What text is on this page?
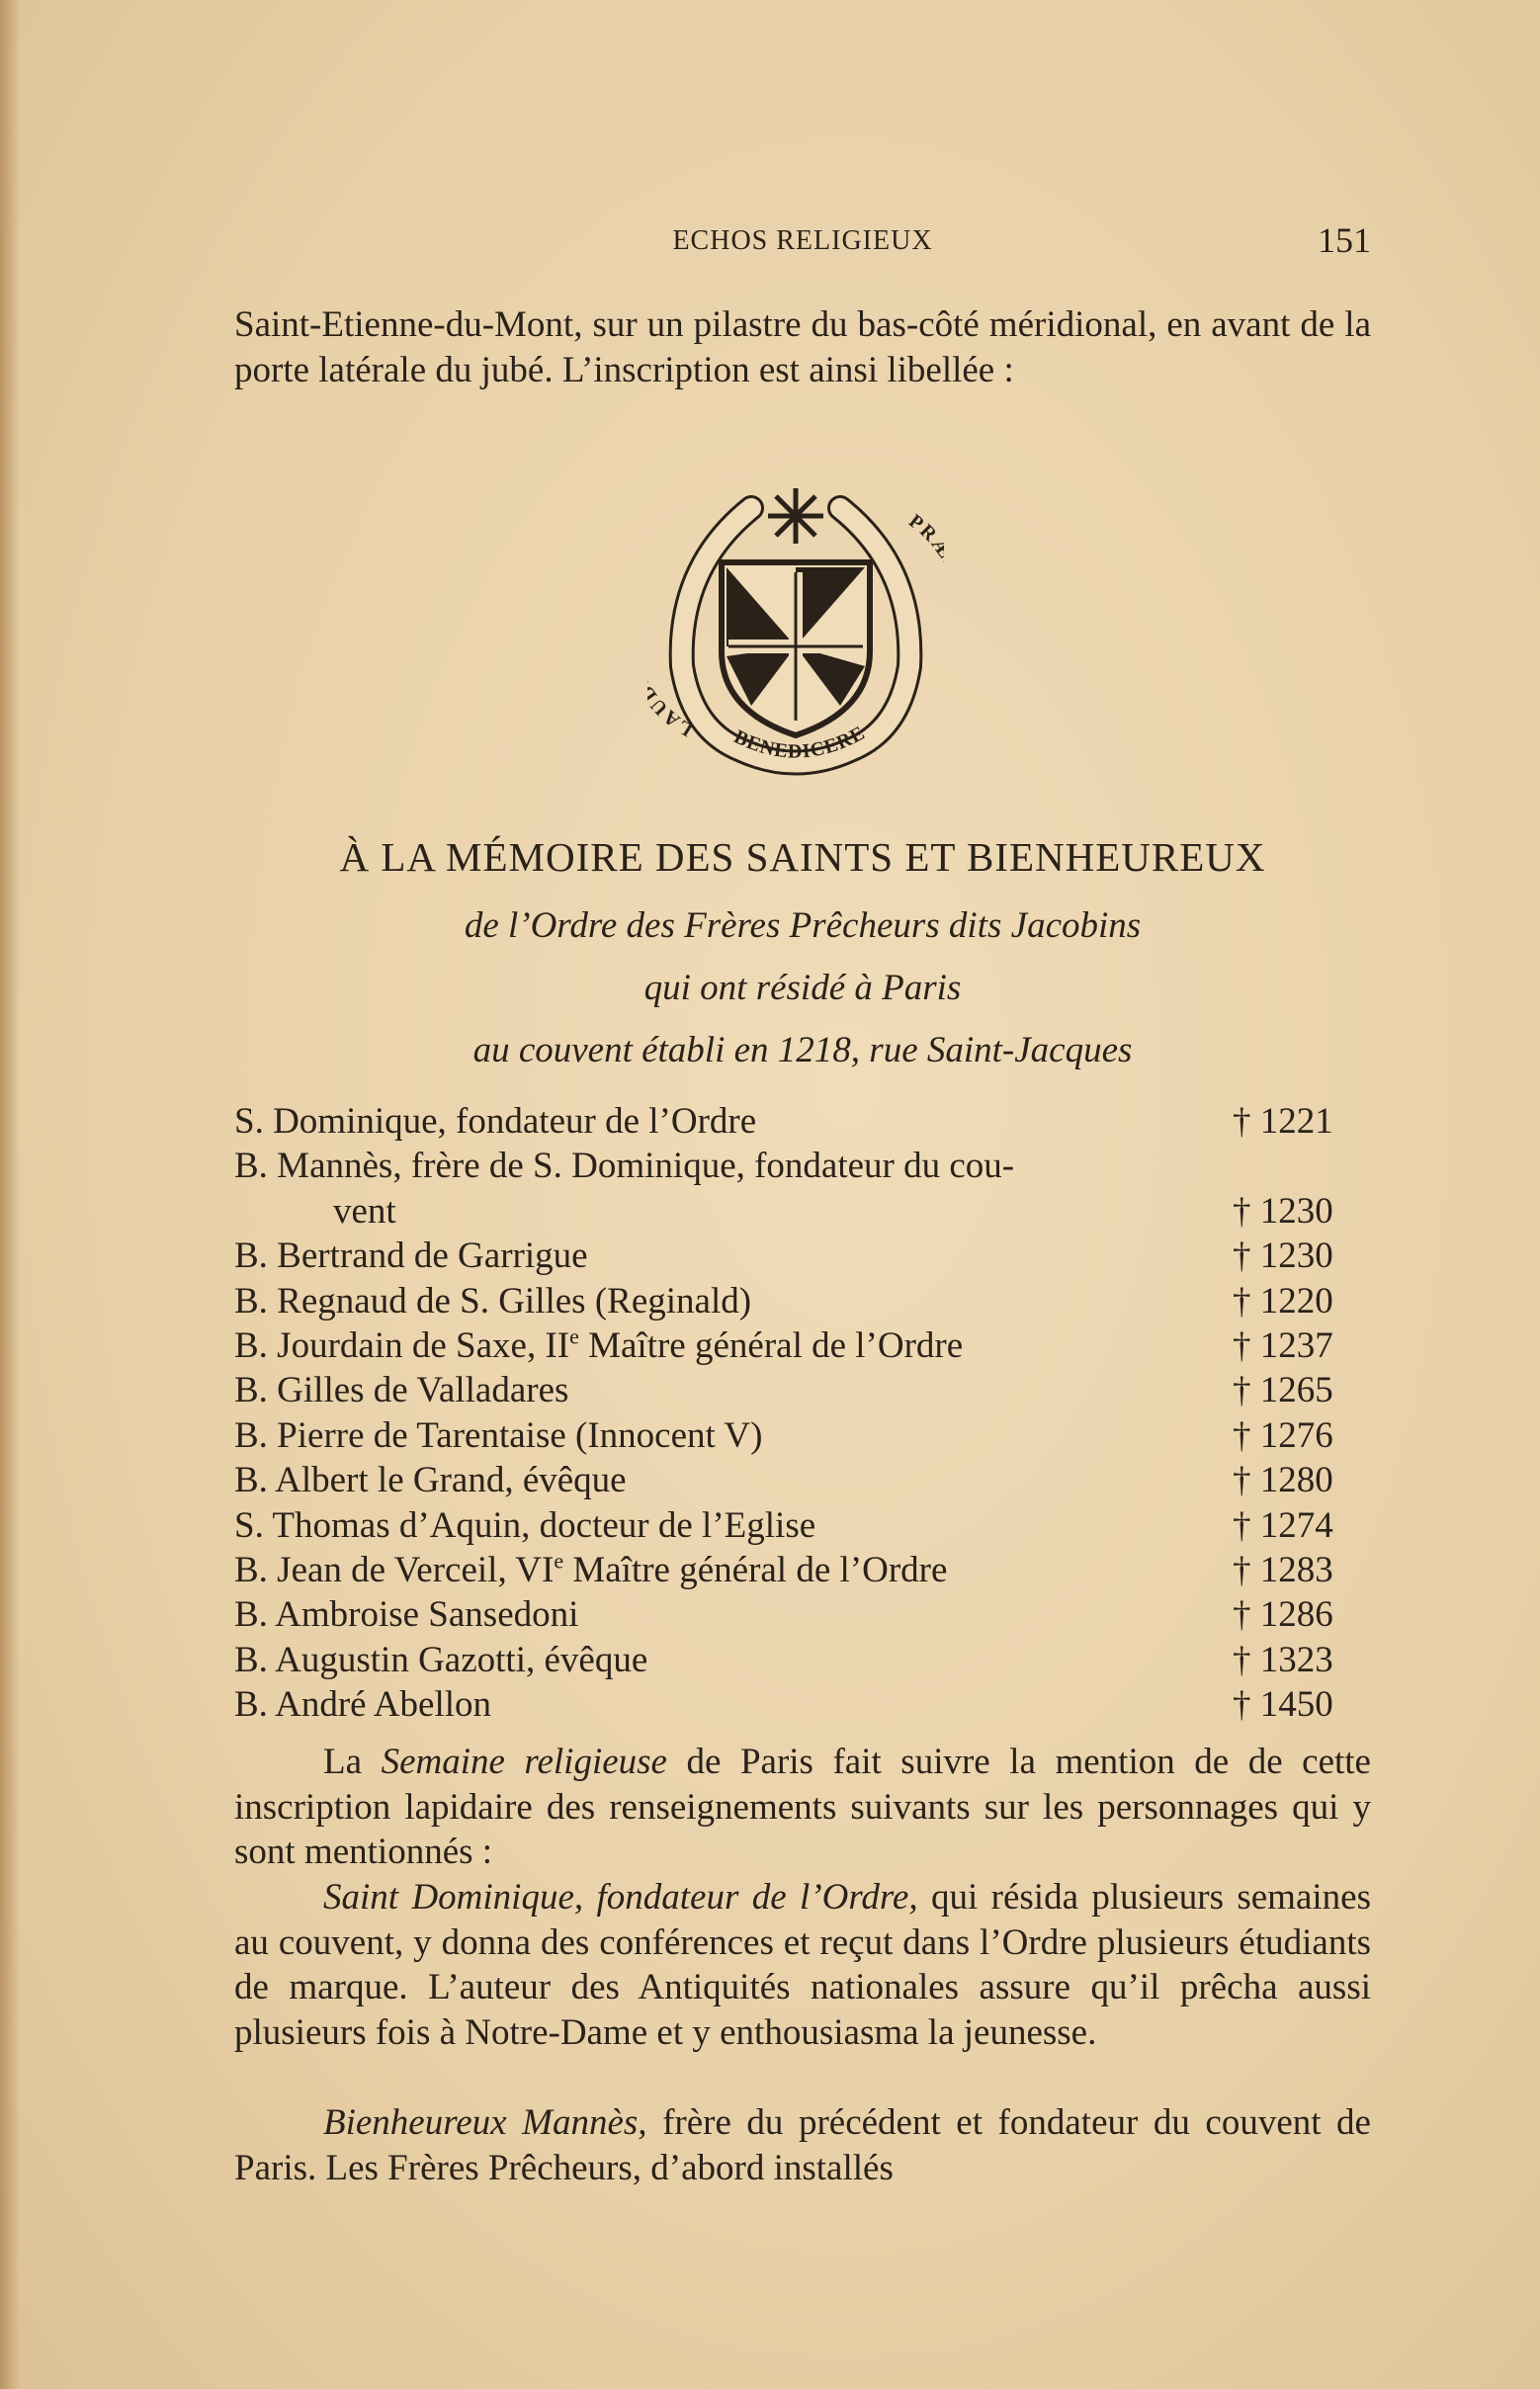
ECHOS RELIGIEUX	151

Saint-Etienne-du-Mont, sur un pilastre du bas-côté méridional, en avant de la porte latérale du jubé. L’inscription est ainsi libellée :

LAU
PR
BENEDICERE
À LA MÉMOIRE DES SAINTS ET BIENHEUREUX
de l’Ordre des Frères Prêcheurs dits Jacobins
qui ont résidé à Paris
au couvent établi en 1218, rue Saint-Jacques
S. Dominique, fondateur de l’Ordre	† 1221
B. Mannès, frère de S. Dominique, fondateur du cou-
vent	† 1230
B. Bertrand de Garrigue	† 1230
B. Regnaud de S. Gilles (Reginald)	† 1220
B. Jourdain de Saxe, IIe Maître général de l’Ordre	† 1237
B. Gilles de Valladares	† 1265
B. Pierre de Tarentaise (Innocent V)	† 1276
B. Albert le Grand, évêque	† 1280
S. Thomas d’Aquin, docteur de l’Eglise	† 1274
B. Jean de Verceil, VIe Maître général de l’Ordre	† 1283
B. Ambroise Sansedoni	† 1286
B. Augustin Gazotti, évêque	† 1323
B. André Abellon	† 1450

La Semaine religieuse de Paris fait suivre la mention de de cette inscription lapidaire des renseignements suivants sur les personnages qui y sont mentionnés :

Saint Dominique, fondateur de l’Ordre, qui résida plusieurs semaines au couvent, y donna des conférences et reçut dans l’Ordre plusieurs étudiants de marque. L’auteur des Antiquités nationales assure qu’il prêcha aussi plusieurs fois à Notre-Dame et y enthousiasma la jeunesse.

Bienheureux Mannès, frère du précédent et fondateur du couvent de Paris. Les Frères Prêcheurs, d’abord installés
